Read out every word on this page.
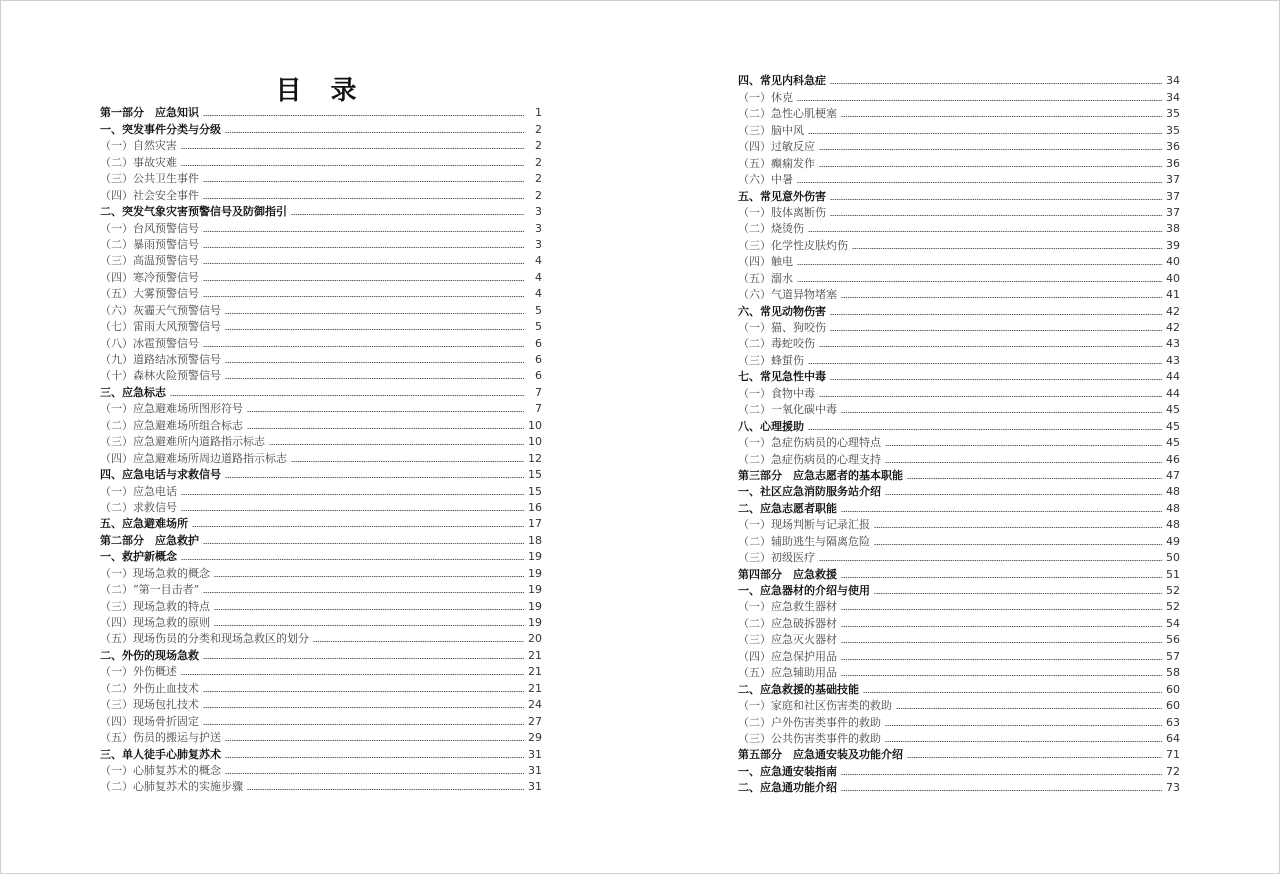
目 录
第一部分　应急知识	1
一、突发事件分类与分级	2
（一）自然灾害	2
（二）事故灾难	2
（三）公共卫生事件	2
（四）社会安全事件	2
二、突发气象灾害预警信号及防御指引	3
（一）台风预警信号	3
（二）暴雨预警信号	3
（三）高温预警信号	4
（四）寒冷预警信号	4
（五）大雾预警信号	4
（六）灰霾天气预警信号	5
（七）雷雨大风预警信号	5
（八）冰雹预警信号	6
（九）道路结冰预警信号	6
（十）森林火险预警信号	6
三、应急标志	7
（一）应急避难场所图形符号	7
（二）应急避难场所组合标志	10
（三）应急避难所内道路指示标志	10
（四）应急避难场所周边道路指示标志	12
四、应急电话与求救信号	15
（一）应急电话	15
（二）求救信号	16
五、应急避难场所	17
第二部分　应急救护	18
一、救护新概念	19
（一）现场急救的概念	19
（二）“第一目击者”	19
（三）现场急救的特点	19
（四）现场急救的原则	19
（五）现场伤员的分类和现场急救区的划分	20
二、外伤的现场急救	21
（一）外伤概述	21
（二）外伤止血技术	21
（三）现场包扎技术	24
（四）现场骨折固定	27
（五）伤员的搬运与护送	29
三、单人徒手心肺复苏术	31
（一）心肺复苏术的概念	31
（二）心肺复苏术的实施步骤	31
四、常见内科急症	34
（一）休克	34
（二）急性心肌梗塞	35
（三）脑中风	35
（四）过敏反应	36
（五）癫痫发作	36
（六）中暑	37
五、常见意外伤害	37
（一）肢体离断伤	37
（二）烧烫伤	38
（三）化学性皮肤灼伤	39
（四）触电	40
（五）溺水	40
（六）气道异物堵塞	41
六、常见动物伤害	42
（一）猫、狗咬伤	42
（二）毒蛇咬伤	43
（三）蜂蜇伤	43
七、常见急性中毒	44
（一）食物中毒	44
（二）一氧化碳中毒	45
八、心理援助	45
（一）急症伤病员的心理特点	45
（二）急症伤病员的心理支持	46
第三部分　应急志愿者的基本职能	47
一、社区应急消防服务站介绍	48
二、应急志愿者职能	48
（一）现场判断与记录汇报	48
（二）辅助逃生与隔离危险	49
（三）初级医疗	50
第四部分　应急救援	51
一、应急器材的介绍与使用	52
（一）应急救生器材	52
（二）应急破拆器材	54
（三）应急灭火器材	56
（四）应急保护用品	57
（五）应急辅助用品	58
二、应急救援的基础技能	60
（一）家庭和社区伤害类的救助	60
（二）户外伤害类事件的救助	63
（三）公共伤害类事件的救助	64
第五部分　应急通安装及功能介绍	71
一、应急通安装指南	72
二、应急通功能介绍	73
